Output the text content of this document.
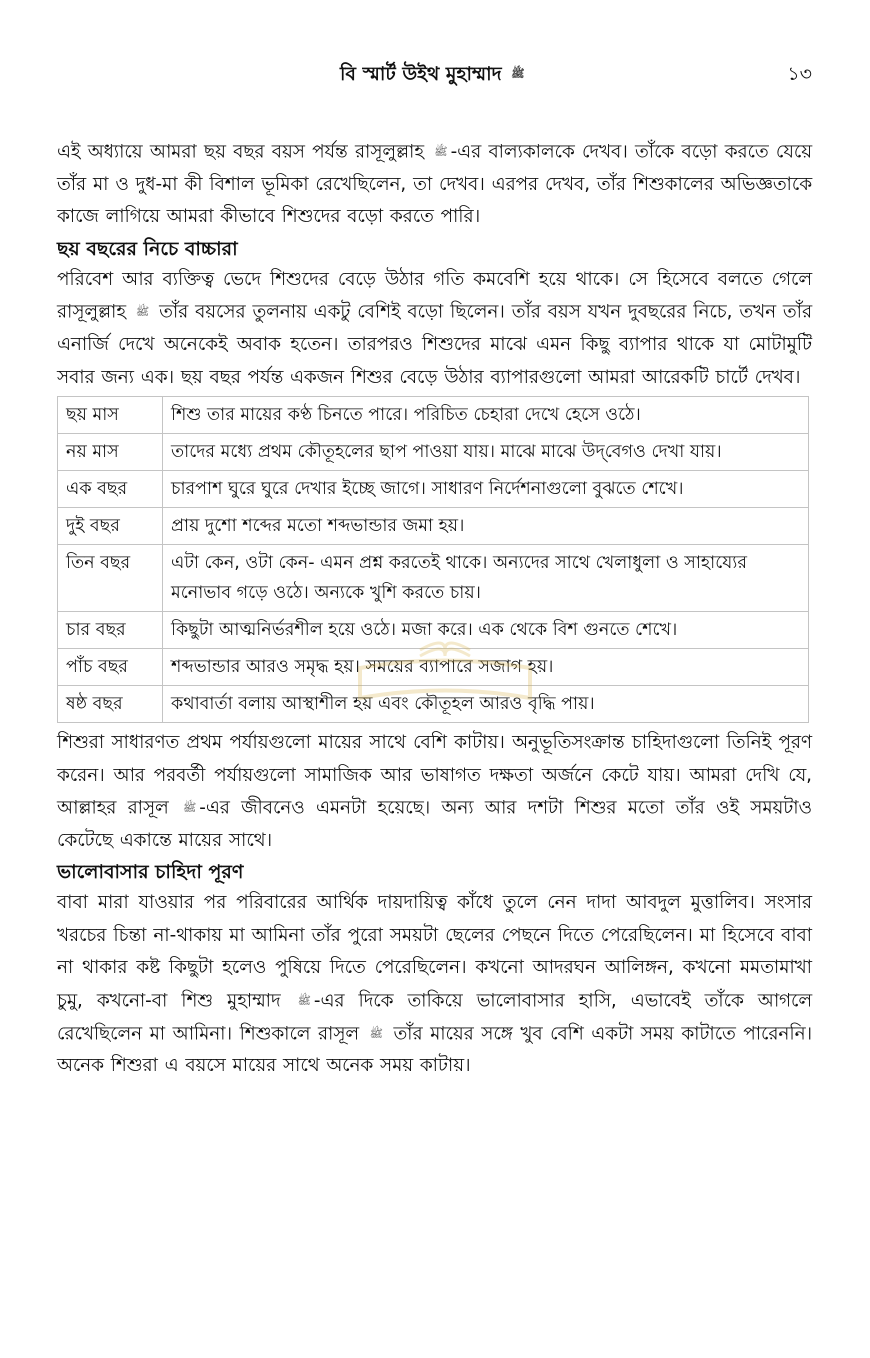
বি স্মার্ট উইথ মুহাম্মাদ ﷺ	১৩

এই অধ্যায়ে আমরা ছয় বছর বয়স পর্যন্ত রাসূলুল্লাহ ﷺ -এর বাল্যকালকে দেখব। তাঁকে বড়ো করতে যেয়ে তাঁর মা ও দুধ-মা কী বিশাল ভূমিকা রেখেছিলেন, তা দেখব। এরপর দেখব, তাঁর শিশুকালের অভিজ্ঞতাকে কাজে লাগিয়ে আমরা কীভাবে শিশুদের বড়ো করতে পারি।

ছয় বছরের নিচে বাচ্চারা

পরিবেশ আর ব্যক্তিত্ব ভেদে শিশুদের বেড়ে উঠার গতি কমবেশি হয়ে থাকে। সে হিসেবে বলতে গেলে রাসূলুল্লাহ ﷺ তাঁর বয়সের তুলনায় একটু বেশিই বড়ো ছিলেন। তাঁর বয়স যখন দুবছরের নিচে, তখন তাঁর এনার্জি দেখে অনেকেই অবাক হতেন। তারপরও শিশুদের মাঝে এমন কিছু ব্যাপার থাকে যা মোটামুটি সবার জন্য এক। ছয় বছর পর্যন্ত একজন শিশুর বেড়ে উঠার ব্যাপারগুলো আমরা আরেকটি চার্টে দেখব।

ছয় মাস	শিশু তার মায়ের কণ্ঠ চিনতে পারে। পরিচিত চেহারা দেখে হেসে ওঠে।
নয় মাস	তাদের মধ্যে প্রথম কৌতূহলের ছাপ পাওয়া যায়। মাঝে মাঝে উদ্‌বেগও দেখা যায়।
এক বছর	চারপাশ ঘুরে ঘুরে দেখার ইচ্ছে জাগে। সাধারণ নির্দেশনাগুলো বুঝতে শেখে।
দুই বছর	প্রায় দুশো শব্দের মতো শব্দভান্ডার জমা হয়।
তিন বছর	এটা কেন, ওটা কেন- এমন প্রশ্ন করতেই থাকে। অন্যদের সাথে খেলাধুলা ও সাহায্যের মনোভাব গড়ে ওঠে। অন্যকে খুশি করতে চায়।
চার বছর	কিছুটা আত্মনির্ভরশীল হয়ে ওঠে। মজা করে। এক থেকে বিশ গুনতে শেখে।
পাঁচ বছর	শব্দভান্ডার আরও সমৃদ্ধ হয়। সময়ের ব্যাপারে সজাগ হয়।
ষষ্ঠ বছর	কথাবার্তা বলায় আস্থাশীল হয় এবং কৌতূহল আরও বৃদ্ধি পায়।

শিশুরা সাধারণত প্রথম পর্যায়গুলো মায়ের সাথে বেশি কাটায়। অনুভূতিসংক্রান্ত চাহিদাগুলো তিনিই পূরণ করেন। আর পরবর্তী পর্যায়গুলো সামাজিক আর ভাষাগত দক্ষতা অর্জনে কেটে যায়। আমরা দেখি যে, আল্লাহর রাসূল ﷺ -এর জীবনেও এমনটা হয়েছে। অন্য আর দশটা শিশুর মতো তাঁর ওই সময়টাও কেটেছে একান্তে মায়ের সাথে।

ভালোবাসার চাহিদা পূরণ

বাবা মারা যাওয়ার পর পরিবারের আর্থিক দায়দায়িত্ব কাঁধে তুলে নেন দাদা আবদুল মুত্তালিব। সংসার খরচের চিন্তা না-থাকায় মা আমিনা তাঁর পুরো সময়টা ছেলের পেছনে দিতে পেরেছিলেন। মা হিসেবে বাবা না থাকার কষ্ট কিছুটা হলেও পুষিয়ে দিতে পেরেছিলেন। কখনো আদরঘন আলিঙ্গন, কখনো মমতামাখা চুমু, কখনো-বা শিশু মুহাম্মাদ ﷺ -এর দিকে তাকিয়ে ভালোবাসার হাসি, এভাবেই তাঁকে আগলে রেখেছিলেন মা আমিনা। শিশুকালে রাসূল ﷺ তাঁর মায়ের সঙ্গে খুব বেশি একটা সময় কাটাতে পারেননি। অনেক শিশুরা এ বয়সে মায়ের সাথে অনেক সময় কাটায়।
